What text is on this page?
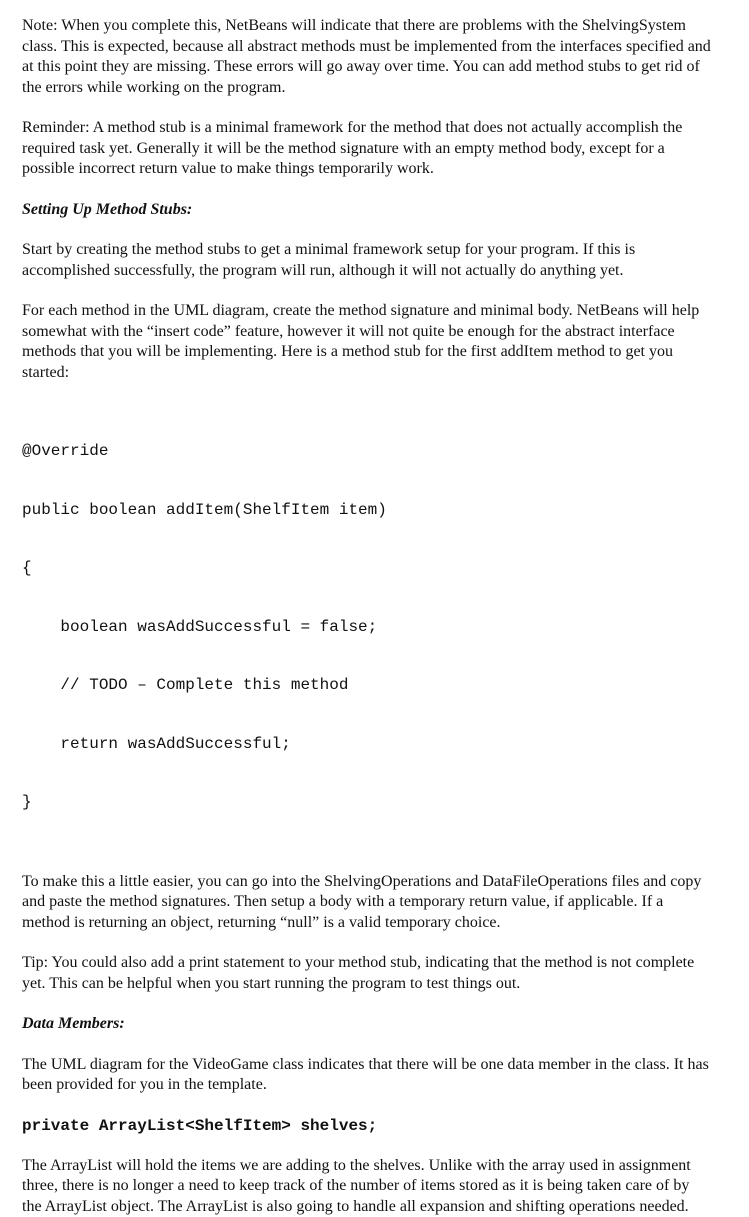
Note: When you complete this, NetBeans will indicate that there are problems with the ShelvingSystem class. This is expected, because all abstract methods must be implemented from the interfaces specified and at this point they are missing. These errors will go away over time. You can add method stubs to get rid of the errors while working on the program.

Reminder: A method stub is a minimal framework for the method that does not actually accomplish the required task yet. Generally it will be the method signature with an empty method body, except for a possible incorrect return value to make things temporarily work.

Setting Up Method Stubs:

Start by creating the method stubs to get a minimal framework setup for your program. If this is accomplished successfully, the program will run, although it will not actually do anything yet.

For each method in the UML diagram, create the method signature and minimal body. NetBeans will help somewhat with the “insert code” feature, however it will not quite be enough for the abstract interface methods that you will be implementing. Here is a method stub for the first addItem method to get you started:

@Override

public boolean addItem(ShelfItem item)

{

boolean wasAddSuccessful = false;

// TODO – Complete this method

return wasAddSuccessful;

}

To make this a little easier, you can go into the ShelvingOperations and DataFileOperations files and copy and paste the method signatures. Then setup a body with a temporary return value, if applicable. If a method is returning an object, returning “null” is a valid temporary choice.

Tip: You could also add a print statement to your method stub, indicating that the method is not complete yet. This can be helpful when you start running the program to test things out.

Data Members:

The UML diagram for the VideoGame class indicates that there will be one data member in the class. It has been provided for you in the template.

private ArrayList<ShelfItem> shelves;

The ArrayList will hold the items we are adding to the shelves. Unlike with the array used in assignment three, there is no longer a need to keep track of the number of items stored as it is being taken care of by the ArrayList object. The ArrayList is also going to handle all expansion and shifting operations needed.
